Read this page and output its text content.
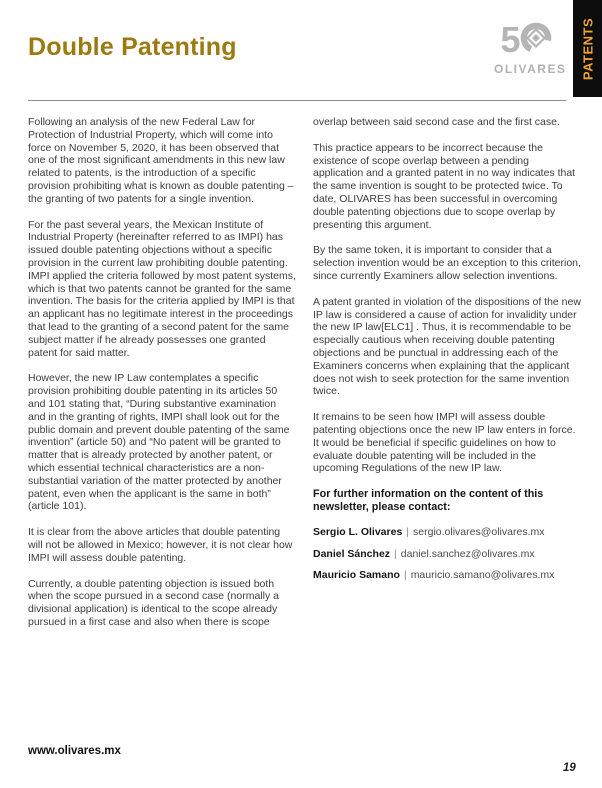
PATENTS
Double Patenting	5
OLIVARES

Following an analysis of the new Federal Law for Protection of Industrial Property, which will come into force on November 5, 2020, it has been observed that one of the most significant amendments in this new law related to patents, is the introduction of a specific provision prohibiting what is known as double patenting – the granting of two patents for a single invention.

For the past several years, the Mexican Institute of Industrial Property (hereinafter referred to as IMPI) has issued double patenting objections without a specific provision in the current law prohibiting double patenting. IMPI applied the criteria followed by most patent systems, which is that two patents cannot be granted for the same invention. The basis for the criteria applied by IMPI is that an applicant has no legitimate interest in the proceedings that lead to the granting of a second patent for the same subject matter if he already possesses one granted patent for said matter.

However, the new IP Law contemplates a specific provision prohibiting double patenting in its articles 50 and 101 stating that, “During substantive examination and in the granting of rights, IMPI shall look out for the public domain and prevent double patenting of the same invention” (article 50) and “No patent will be granted to matter that is already protected by another patent, or which essential technical characteristics are a non-substantial variation of the matter protected by another patent, even when the applicant is the same in both” (article 101).

It is clear from the above articles that double patenting will not be allowed in Mexico; however, it is not clear how IMPI will assess double patenting.

Currently, a double patenting objection is issued both when the scope pursued in a second case (normally a divisional application) is identical to the scope already pursued in a first case and also when there is scope

overlap between said second case and the first case.

This practice appears to be incorrect because the existence of scope overlap between a pending application and a granted patent in no way indicates that the same invention is sought to be protected twice. To date, OLIVARES has been successful in overcoming double patenting objections due to scope overlap by presenting this argument.

By the same token, it is important to consider that a selection invention would be an exception to this criterion, since currently Examiners allow selection inventions.

A patent granted in violation of the dispositions of the new IP law is considered a cause of action for invalidity under the new IP law[ELC1] . Thus, it is recommendable to be especially cautious when receiving double patenting objections and be punctual in addressing each of the Examiners concerns when explaining that the applicant does not wish to seek protection for the same invention twice.

It remains to be seen how IMPI will assess double patenting objections once the new IP law enters in force. It would be beneficial if specific guidelines on how to evaluate double patenting will be included in the upcoming Regulations of the new IP law.

For further information on the content of this newsletter, please contact:

Sergio L. Olivares | sergio.olivares@olivares.mx
Daniel Sánchez | daniel.sanchez@olivares.mx
Mauricio Samano | mauricio.samano@olivares.mx
www.olivares.mx
19
